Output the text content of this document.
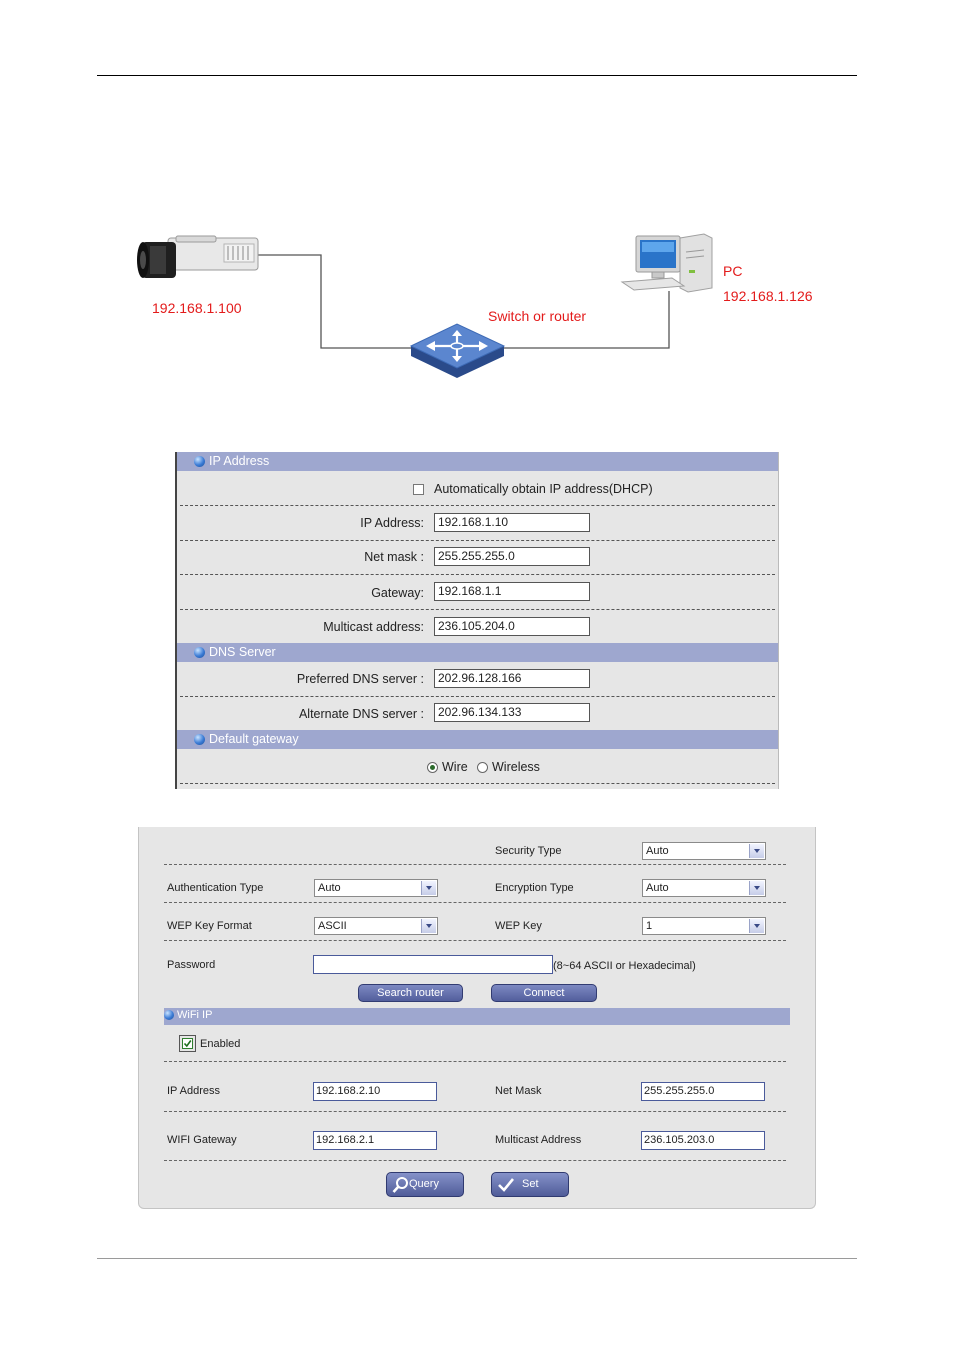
192.168.1.100	Switch or router
PC
192.168.1.126
IP Address
Automatically obtain IP address(DHCP)
IP Address:	192.168.1.10
Net mask :	255.255.255.0
Gateway:	192.168.1.1
Multicast address:	236.105.204.0
DNS Server
Preferred DNS server :	202.96.128.166
Alternate DNS server :	202.96.134.133
Default gateway
Wire Wireless
Security Type	Auto
Authentication Type	Auto	Encryption Type	Auto
WEP Key Format	ASCII	WEP Key	1
Password	(8~64 ASCII or Hexadecimal)
Search router	Connect
WiFi IP
Enabled
IP Address	192.168.2.10	Net Mask	255.255.255.0
WIFI Gateway	192.168.2.1	Multicast Address	236.105.203.0
Query	Set
